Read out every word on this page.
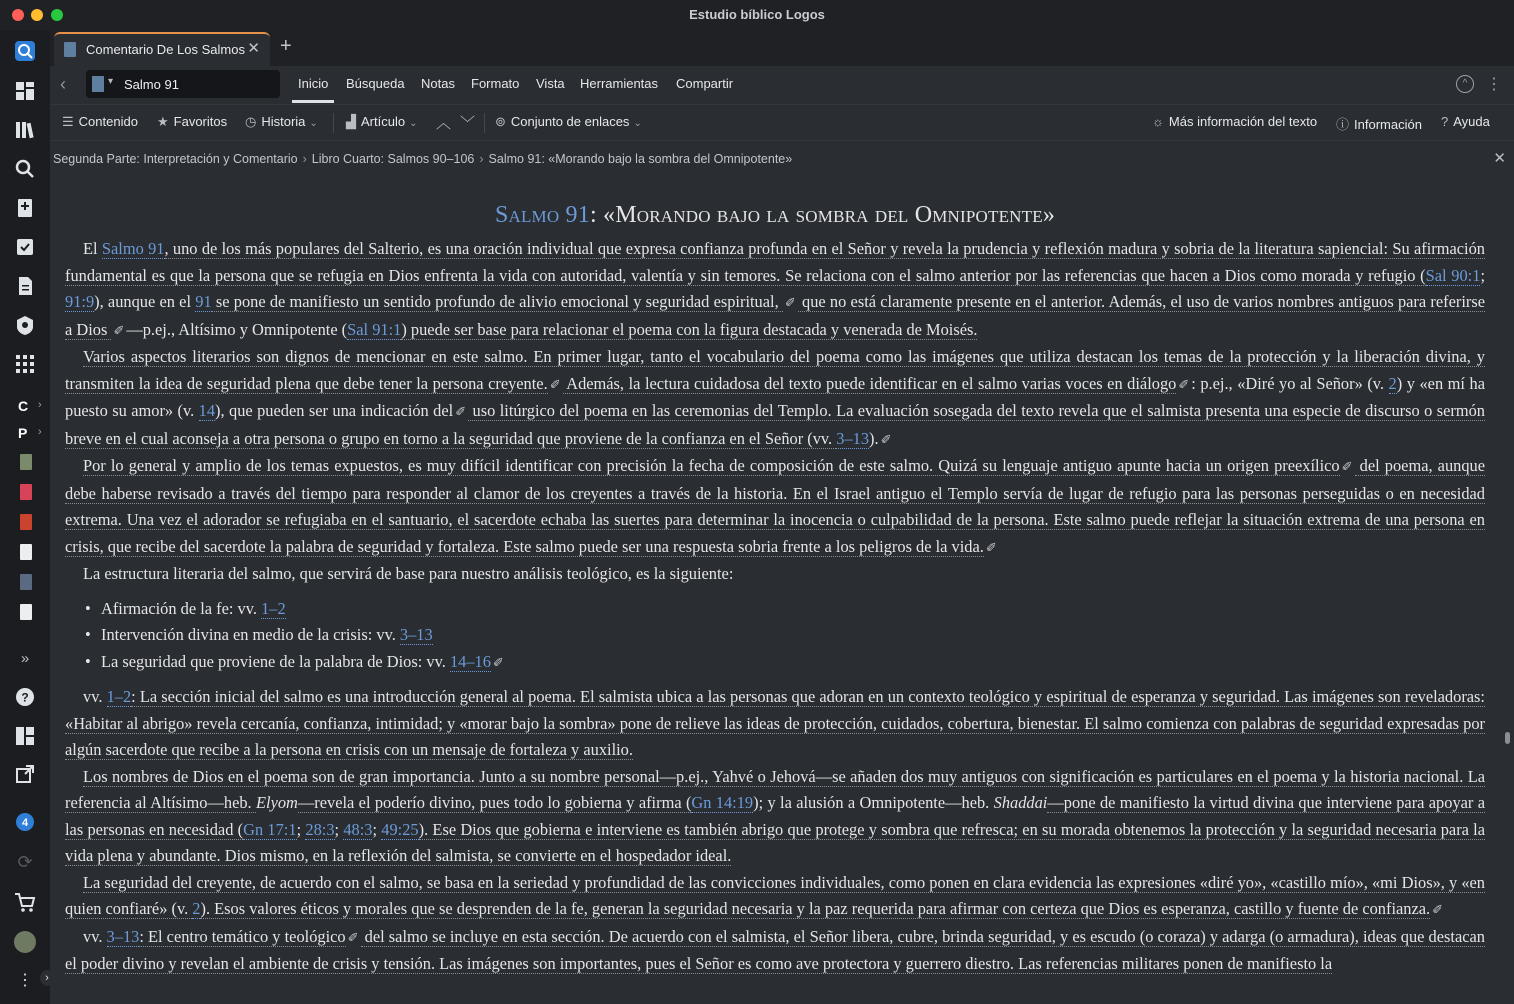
Estudio bíblico Logos
C ›
P ›
»
?
4
⟳
⋮	›
Comentario De Los Salmos ✕ +
‹	▾
Salmo 91	Inicio Búsqueda Notas Formato Vista Herramientas Compartir	^	⋮
☰ Contenido ★ Favoritos ◷ Historia ⌄ ▟ Artículo ⌄ ︿ ﹀ ⊚ Conjunto de enlaces ⌄	☼ Más información del texto ⓘ Información ? Ayuda
Segunda Parte: Interpretación y Comentario › Libro Cuarto: Salmos 90–106 › Salmo 91: «Morando bajo la sombra del Omnipotente»	✕
Salmo 91: «Morando bajo la sombra del Omnipotente»

El Salmo 91, uno de los más populares del Salterio, es una oración individual que expresa confianza profunda en el Señor y revela la prudencia y reflexión madura y sobria de la literatura sapiencial: Su afirmación fundamental es que la persona que se refugia en Dios enfrenta la vida con autoridad, valentía y sin temores. Se relaciona con el salmo anterior por las referencias que hacen a Dios como morada y refugio (Sal 90:1; 91:9), aunque en el 91 se pone de manifiesto un sentido profundo de alivio emocional y seguridad espiritual, ✐ que no está claramente presente en el anterior. Además, el uso de varios nombres antiguos para referirse a Dios ✐ —p.ej., Altísimo y Omnipotente (Sal 91:1) puede ser base para relacionar el poema con la figura destacada y venerada de Moisés.

Varios aspectos literarios son dignos de mencionar en este salmo. En primer lugar, tanto el vocabulario del poema como las imágenes que utiliza destacan los temas de la protección y la liberación divina, y transmiten la idea de seguridad plena que debe tener la persona creyente. ✐ Además, la lectura cuidadosa del texto puede identificar en el salmo varias voces en diálogo ✐ : p.ej., «Diré yo al Señor» (v. 2) y «en mí ha puesto su amor» (v. 14), que pueden ser una indicación del ✐ uso litúrgico del poema en las ceremonias del Templo. La evaluación sosegada del texto revela que el salmista presenta una especie de discurso o sermón breve en el cual aconseja a otra persona o grupo en torno a la seguridad que proviene de la confianza en el Señor (vv. 3–13). ✐

Por lo general y amplio de los temas expuestos, es muy difícil identificar con precisión la fecha de composición de este salmo. Quizá su lenguaje antiguo apunte hacia un origen preexílico ✐ del poema, aunque debe haberse revisado a través del tiempo para responder al clamor de los creyentes a través de la historia. En el Israel antiguo el Templo servía de lugar de refugio para las personas perseguidas o en necesidad extrema. Una vez el adorador se refugiaba en el santuario, el sacerdote echaba las suertes para determinar la inocencia o culpabilidad de la persona. Este salmo puede reflejar la situación extrema de una persona en crisis, que recibe del sacerdote la palabra de seguridad y fortaleza. Este salmo puede ser una respuesta sobria frente a los peligros de la vida. ✐

La estructura literaria del salmo, que servirá de base para nuestro análisis teológico, es la siguiente:

• Afirmación de la fe: vv. 1–2
• Intervención divina en medio de la crisis: vv. 3–13
• La seguridad que proviene de la palabra de Dios: vv. 14–16 ✐

vv. 1–2: La sección inicial del salmo es una introducción general al poema. El salmista ubica a las personas que adoran en un contexto teológico y espiritual de esperanza y seguridad. Las imágenes son reveladoras: «Habitar al abrigo» revela cercanía, confianza, intimidad; y «morar bajo la sombra» pone de relieve las ideas de protección, cuidados, cobertura, bienestar. El salmo comienza con palabras de seguridad expresadas por algún sacerdote que recibe a la persona en crisis con un mensaje de fortaleza y auxilio.

Los nombres de Dios en el poema son de gran importancia. Junto a su nombre personal—p.ej., Yahvé o Jehová—se añaden dos muy antiguos con significación es particulares en el poema y la historia nacional. La referencia al Altísimo—heb. Elyom—revela el poderío divino, pues todo lo gobierna y afirma (Gn 14:19); y la alusión a Omnipotente—heb. Shaddai—pone de manifiesto la virtud divina que interviene para apoyar a las personas en necesidad (Gn 17:1; 28:3; 48:3; 49:25). Ese Dios que gobierna e interviene es también abrigo que protege y sombra que refresca; en su morada obtenemos la protección y la seguridad necesaria para la vida plena y abundante. Dios mismo, en la reflexión del salmista, se convierte en el hospedador ideal.

La seguridad del creyente, de acuerdo con el salmo, se basa en la seriedad y profundidad de las convicciones individuales, como ponen en clara evidencia las expresiones «diré yo», «castillo mío», «mi Dios», y «en quien confiaré» (v. 2). Esos valores éticos y morales que se desprenden de la fe, generan la seguridad necesaria y la paz requerida para afirmar con certeza que Dios es esperanza, castillo y fuente de confianza. ✐

vv. 3–13: El centro temático y teológico ✐ del salmo se incluye en esta sección. De acuerdo con el salmista, el Señor libera, cubre, brinda seguridad, y es escudo (o coraza) y adarga (o armadura), ideas que destacan el poder divino y revelan el ambiente de crisis y tensión. Las imágenes son importantes, pues el Señor es como ave protectora y guerrero diestro. Las referencias militares ponen de manifiesto la
